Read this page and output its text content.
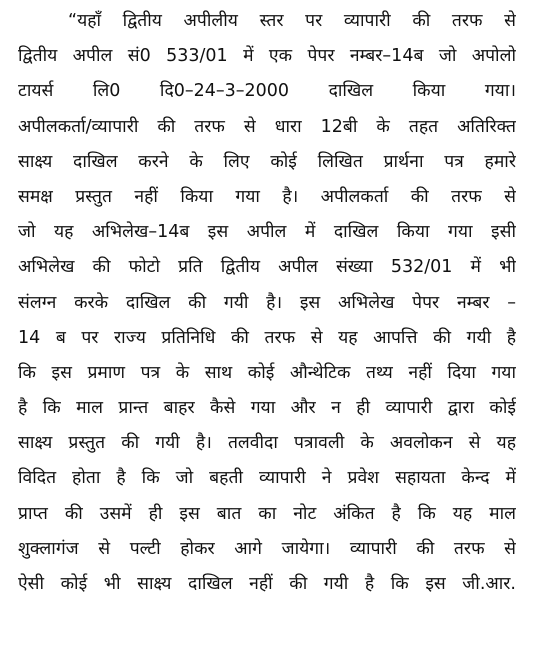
“यहाँ द्वितीय अपीलीय स्तर पर व्यापारी की तरफ से
द्वितीय अपील सं0 533/01 में एक पेपर नम्बर–14ब जो अपोलो
टायर्स लि0 दि0–24–3–2000 दाखिल किया गया।
अपीलकर्ता/व्यापारी की तरफ से धारा 12बी के तहत अतिरिक्त
साक्ष्य दाखिल करने के लिए कोई लिखित प्रार्थना पत्र हमारे
समक्ष प्रस्तुत नहीं किया गया है। अपीलकर्ता की तरफ से
जो यह अभिलेख–14ब इस अपील में दाखिल किया गया इसी
अभिलेख की फोटो प्रति द्वितीय अपील संख्या 532/01 में भी
संलग्न करके दाखिल की गयी है। इस अभिलेख पेपर नम्बर –
14 ब पर राज्य प्रतिनिधि की तरफ से यह आपत्ति की गयी है
कि इस प्रमाण पत्र के साथ कोई औन्थेटिक तथ्य नहीं दिया गया
है कि माल प्रान्त बाहर कैसे गया और न ही व्यापारी द्वारा कोई
साक्ष्य प्रस्तुत की गयी है। तलवीदा पत्रावली के अवलोकन से यह
विदित होता है कि जो बहती व्यापारी ने प्रवेश सहायता केन्द में
प्राप्त की उसमें ही इस बात का नोट अंकित है कि यह माल
शुक्लागंज से पल्टी होकर आगे जायेगा। व्यापारी की तरफ से
ऐसी कोई भी साक्ष्य दाखिल नहीं की गयी है कि इस जी.आर.
